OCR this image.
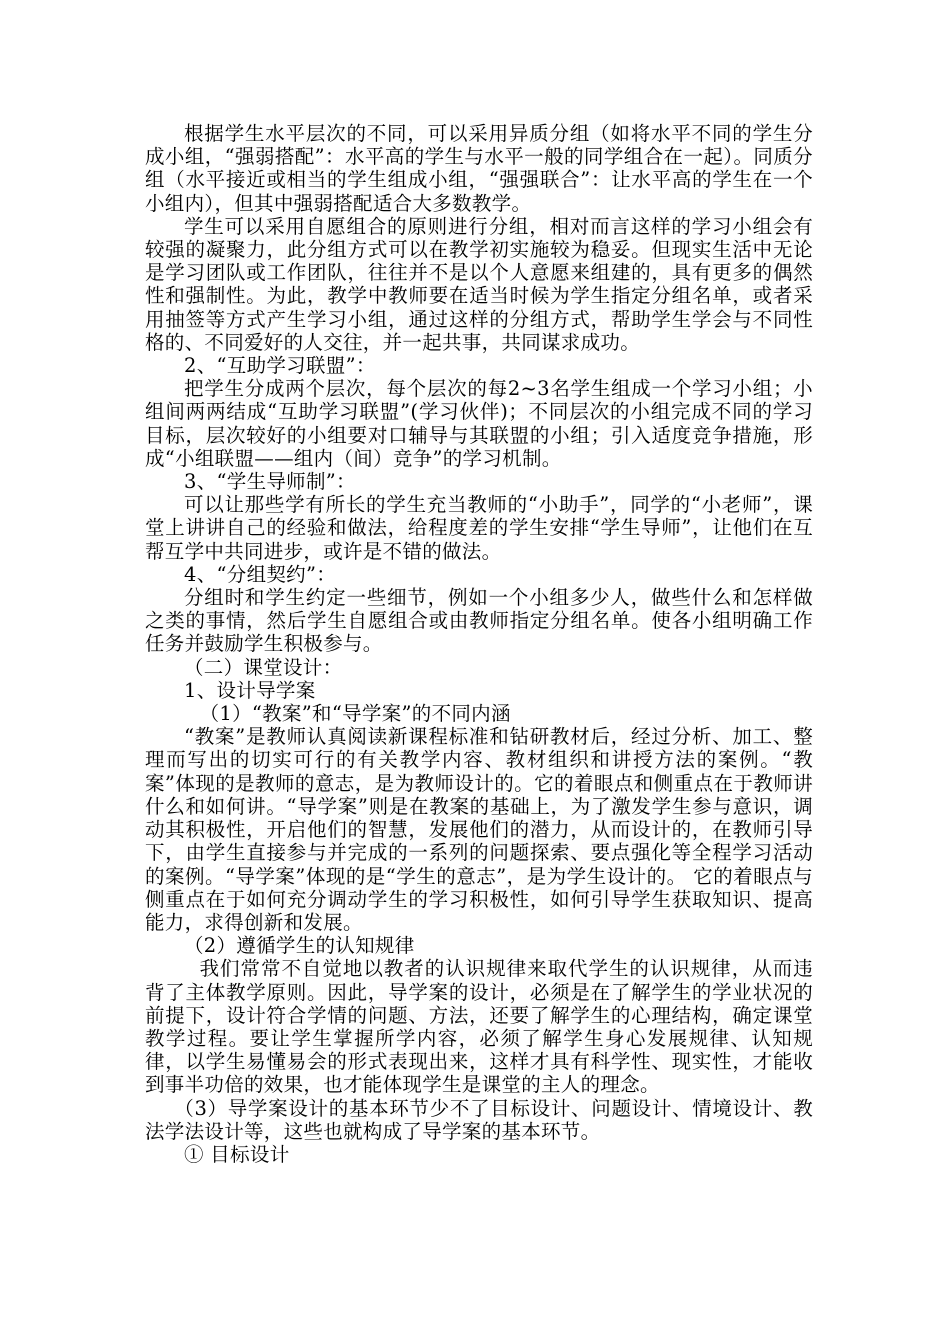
根据学生水平层次的不同，可以采用异质分组（如将水平不同的学生分成小组，“强弱搭配”：水平高的学生与水平一般的同学组合在一起）。同质分组（水平接近或相当的学生组成小组，“强强联合”：让水平高的学生在一个小组内），但其中强弱搭配适合大多数教学。

学生可以采用自愿组合的原则进行分组，相对而言这样的学习小组会有较强的凝聚力，此分组方式可以在教学初实施较为稳妥。但现实生活中无论是学习团队或工作团队，往往并不是以个人意愿来组建的，具有更多的偶然性和强制性。为此，教学中教师要在适当时候为学生指定分组名单，或者采用抽签等方式产生学习小组，通过这样的分组方式，帮助学生学会与不同性格的、不同爱好的人交往，并一起共事，共同谋求成功。

2、“互助学习联盟”：

把学生分成两个层次，每个层次的每2~3名学生组成一个学习小组；小组间两两结成“互助学习联盟”(学习伙伴)；不同层次的小组完成不同的学习目标，层次较好的小组要对口辅导与其联盟的小组；引入适度竞争措施，形成“小组联盟——组内（间）竞争”的学习机制。

3、“学生导师制”：

可以让那些学有所长的学生充当教师的“小助手”，同学的“小老师”，课堂上讲讲自己的经验和做法，给程度差的学生安排“学生导师”，让他们在互帮互学中共同进步，或许是不错的做法。

4、“分组契约”：

分组时和学生约定一些细节，例如一个小组多少人，做些什么和怎样做之类的事情，然后学生自愿组合或由教师指定分组名单。使各小组明确工作任务并鼓励学生积极参与。

（二）课堂设计：

1、设计导学案

（1）“教案”和“导学案”的不同内涵

“教案”是教师认真阅读新课程标准和钻研教材后，经过分析、加工、整理而写出的切实可行的有关教学内容、教材组织和讲授方法的案例。“教案”体现的是教师的意志，是为教师设计的。它的着眼点和侧重点在于教师讲什么和如何讲。“导学案”则是在教案的基础上，为了激发学生参与意识，调动其积极性，开启他们的智慧，发展他们的潜力，从而设计的，在教师引导下，由学生直接参与并完成的一系列的问题探索、要点强化等全程学习活动的案例。“导学案”体现的是“学生的意志”，是为学生设计的。 它的着眼点与侧重点在于如何充分调动学生的学习积极性，如何引导学生获取知识、提高能力，求得创新和发展。

（2）遵循学生的认知规律

我们常常不自觉地以教者的认识规律来取代学生的认识规律，从而违背了主体教学原则。因此，导学案的设计，必须是在了解学生的学业状况的前提下，设计符合学情的问题、方法，还要了解学生的心理结构，确定课堂教学过程。要让学生掌握所学内容，必须了解学生身心发展规律、认知规律，以学生易懂易会的形式表现出来，这样才具有科学性、现实性，才能收到事半功倍的效果，也才能体现学生是课堂的主人的理念。

（3）导学案设计的基本环节少不了目标设计、问题设计、情境设计、教法学法设计等，这些也就构成了导学案的基本环节。

① 目标设计
